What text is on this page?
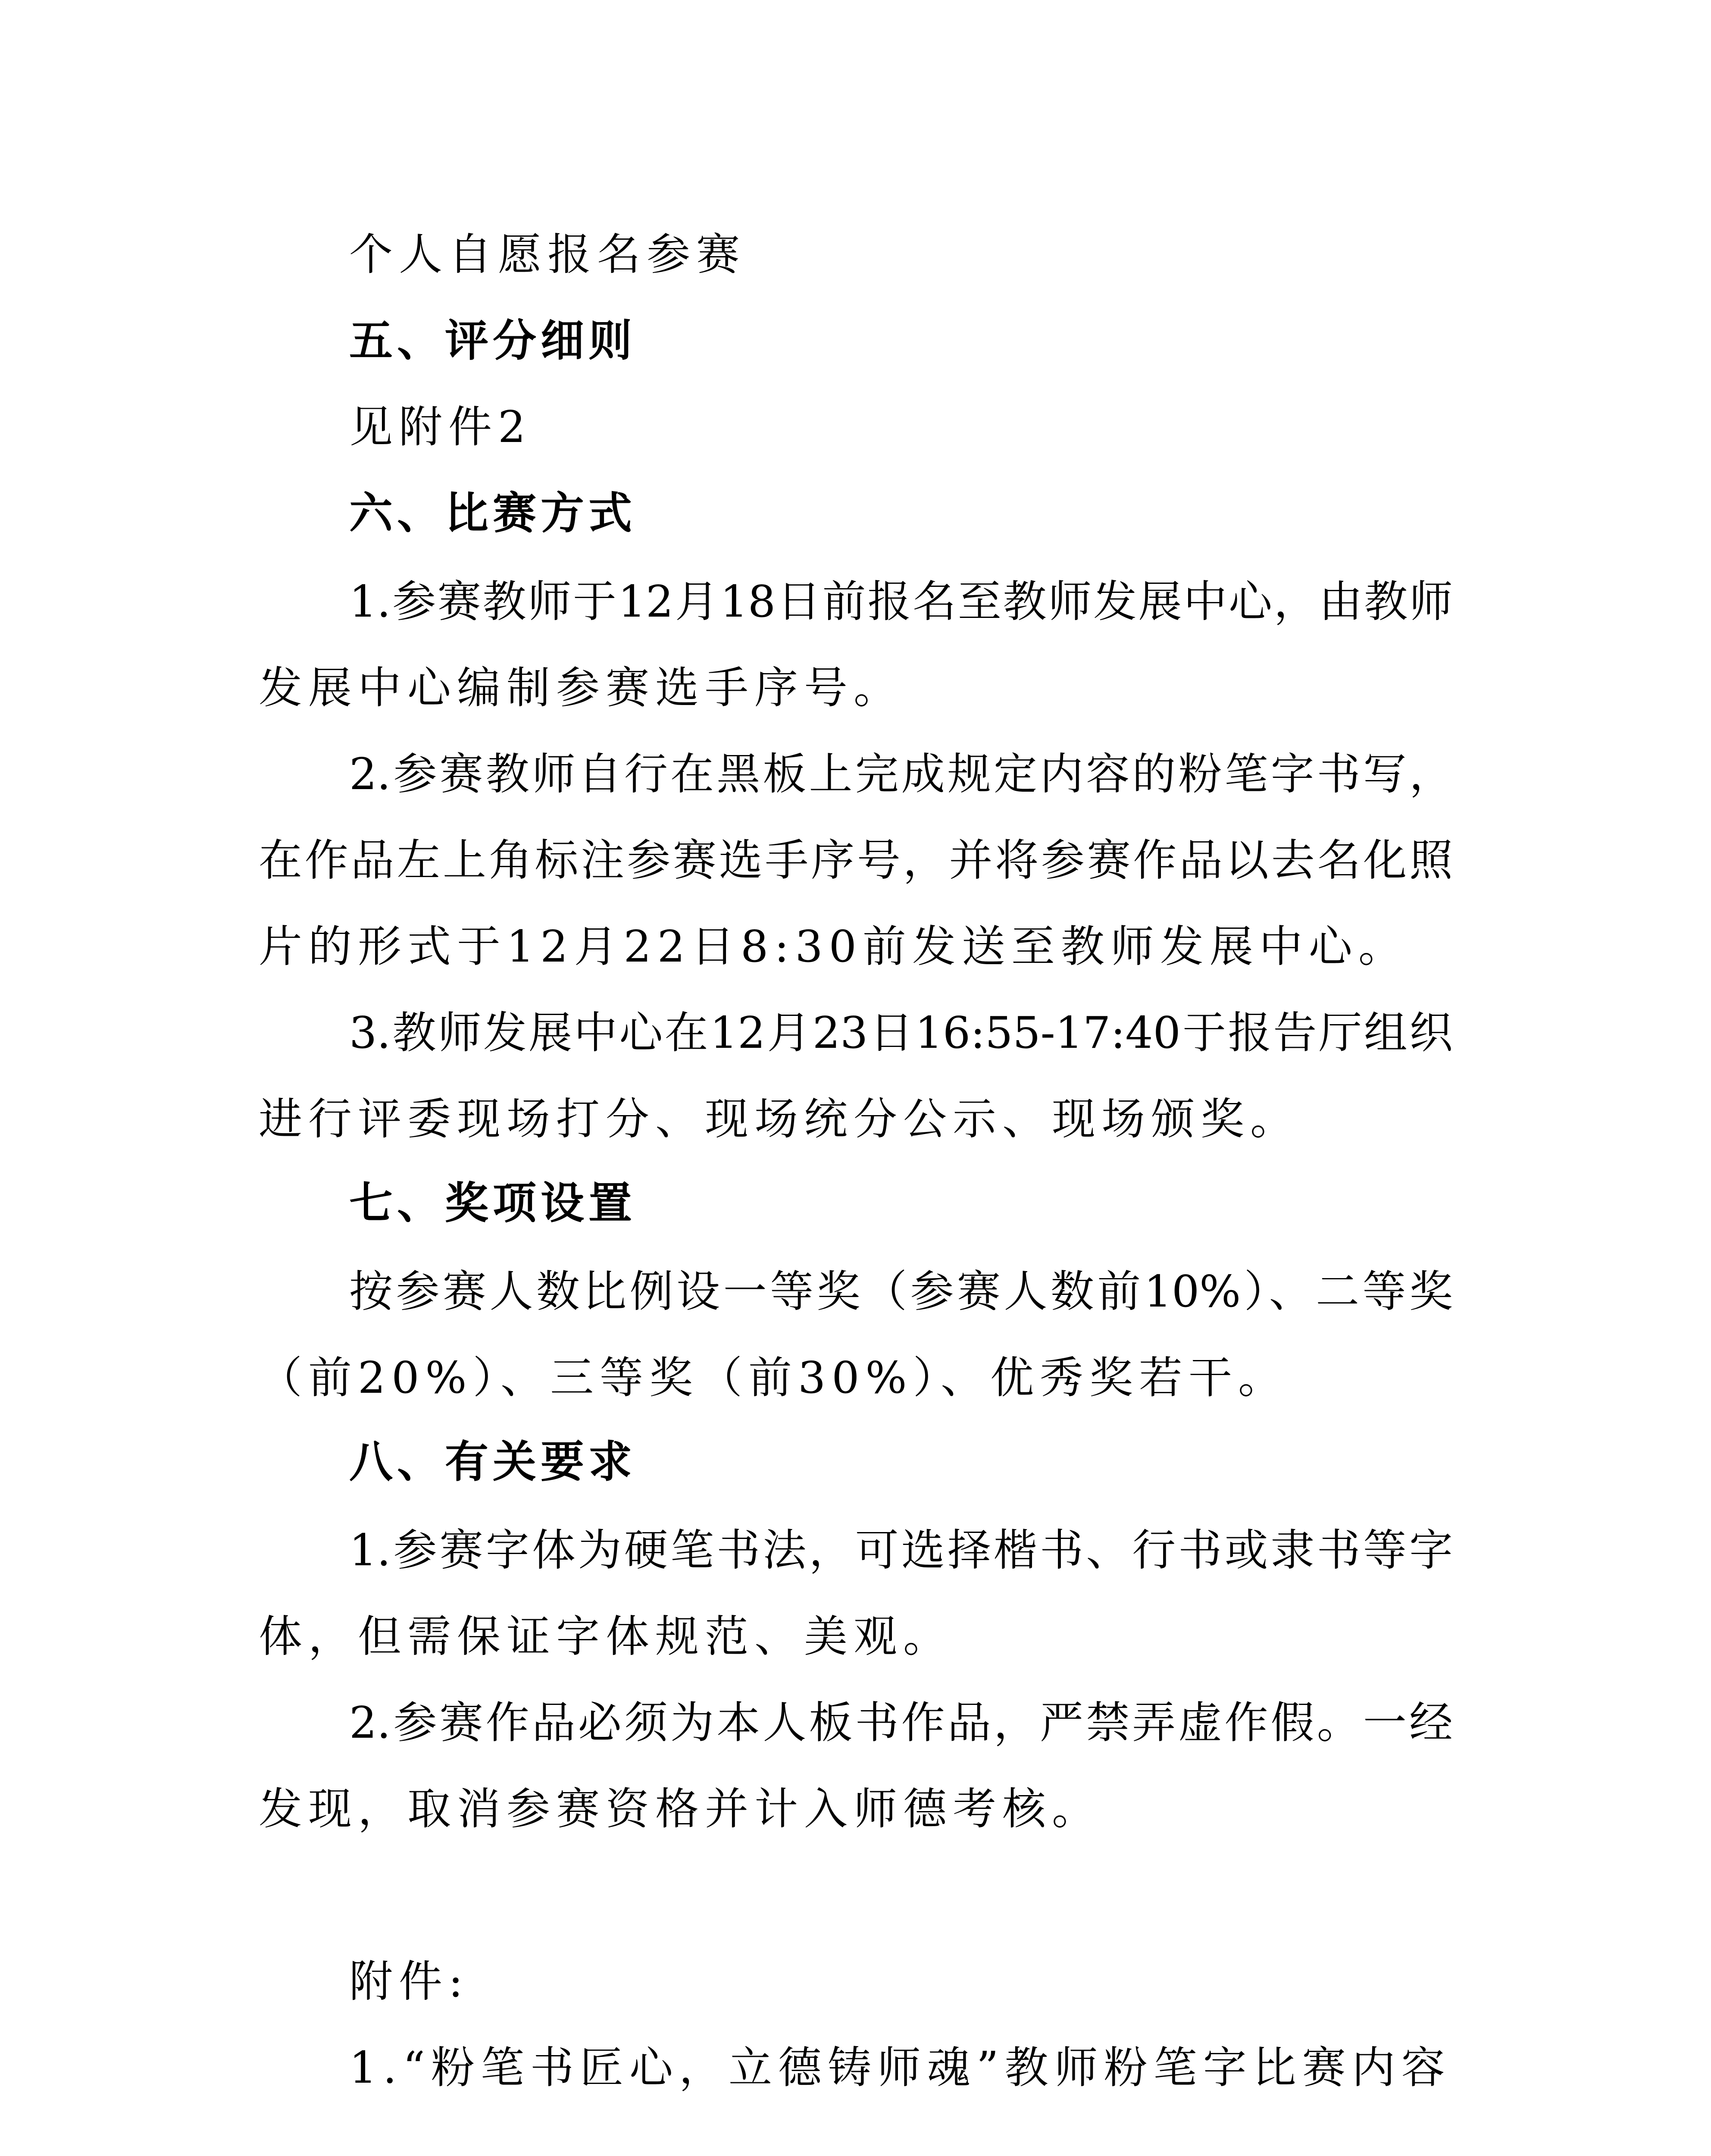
个人自愿报名参赛
五、评分细则
见附件2
六、比赛方式
1.参赛教师于12月18日前报名至教师发展中心，由教师
发展中心编制参赛选手序号。
2.参赛教师自行在黑板上完成规定内容的粉笔字书写，
在作品左上角标注参赛选手序号，并将参赛作品以去名化照
片的形式于12月22日8:30前发送至教师发展中心。
3.教师发展中心在12月23日16:55-17:40于报告厅组织
进行评委现场打分、现场统分公示、现场颁奖。
七、奖项设置
按参赛人数比例设一等奖（参赛人数前10%）、二等奖
（前20%）、三等奖（前30%）、优秀奖若干。
八、有关要求
1.参赛字体为硬笔书法，可选择楷书、行书或隶书等字
体，但需保证字体规范、美观。
2.参赛作品必须为本人板书作品，严禁弄虚作假。一经
发现，取消参赛资格并计入师德考核。
附件:
1.“粉笔书匠心，立德铸师魂”教师粉笔字比赛内容
